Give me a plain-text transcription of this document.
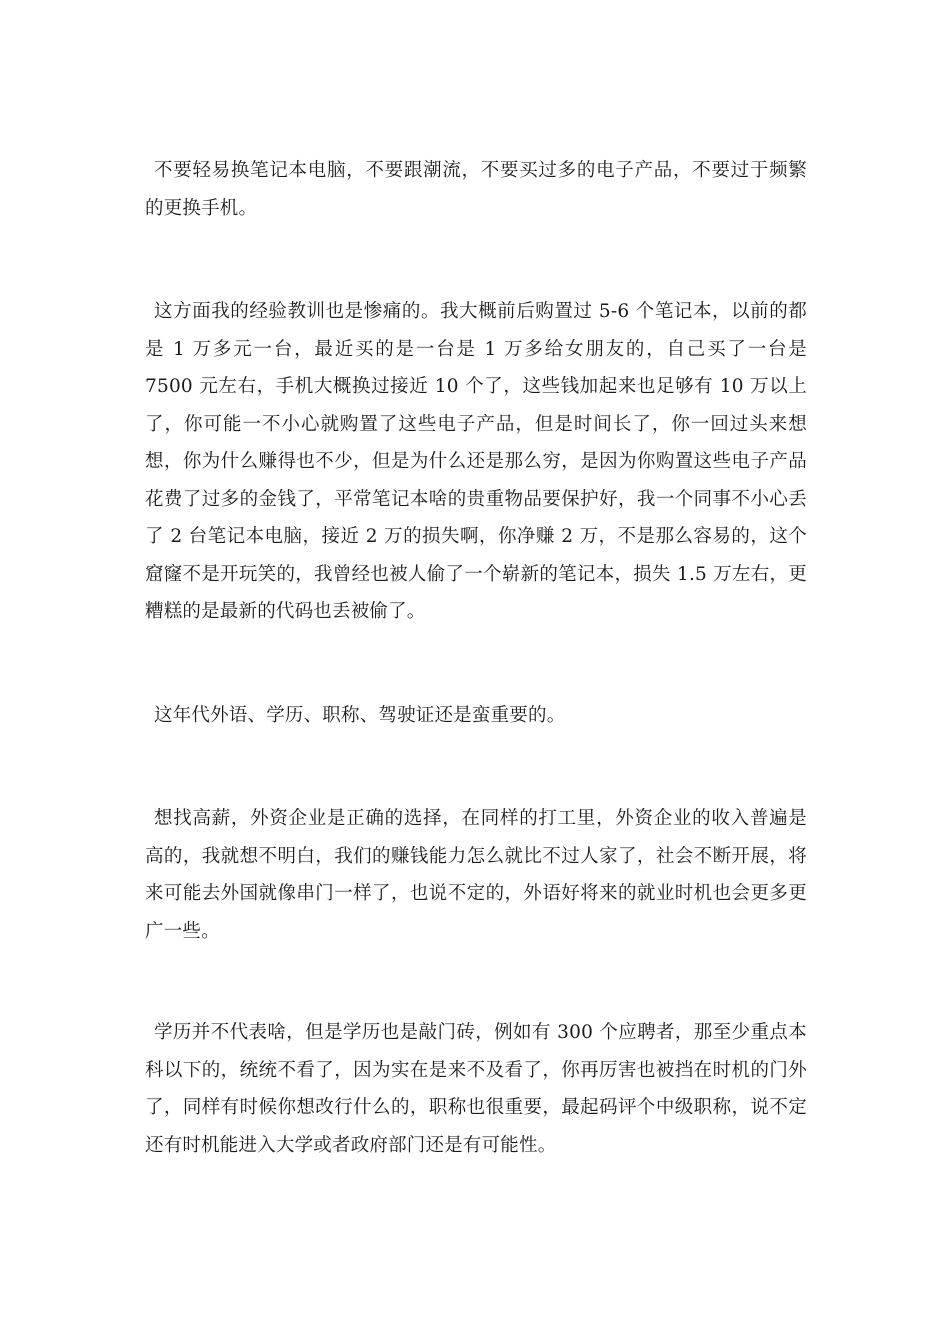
不要轻易换笔记本电脑，不要跟潮流，不要买过多的电子产品，不要过于频繁的更换手机。

这方面我的经验教训也是惨痛的。我大概前后购置过 5-6 个笔记本，以前的都是 1 万多元一台，最近买的是一台是 1 万多给女朋友的，自己买了一台是 7500 元左右，手机大概换过接近 10 个了，这些钱加起来也足够有 10 万以上了，你可能一不小心就购置了这些电子产品，但是时间长了，你一回过头来想想，你为什么赚得也不少，但是为什么还是那么穷，是因为你购置这些电子产品花费了过多的金钱了，平常笔记本啥的贵重物品要保护好，我一个同事不小心丢了 2 台笔记本电脑，接近 2 万的损失啊，你净赚 2 万，不是那么容易的，这个窟窿不是开玩笑的，我曾经也被人偷了一个崭新的笔记本，损失 1.5 万左右，更糟糕的是最新的代码也丢被偷了。

这年代外语、学历、职称、驾驶证还是蛮重要的。

想找高薪，外资企业是正确的选择，在同样的打工里，外资企业的收入普遍是高的，我就想不明白，我们的赚钱能力怎么就比不过人家了，社会不断开展，将来可能去外国就像串门一样了，也说不定的，外语好将来的就业时机也会更多更广一些。

学历并不代表啥，但是学历也是敲门砖，例如有 300 个应聘者，那至少重点本科以下的，统统不看了，因为实在是来不及看了，你再厉害也被挡在时机的门外了，同样有时候你想改行什么的，职称也很重要，最起码评个中级职称，说不定还有时机能进入大学或者政府部门还是有可能性。
